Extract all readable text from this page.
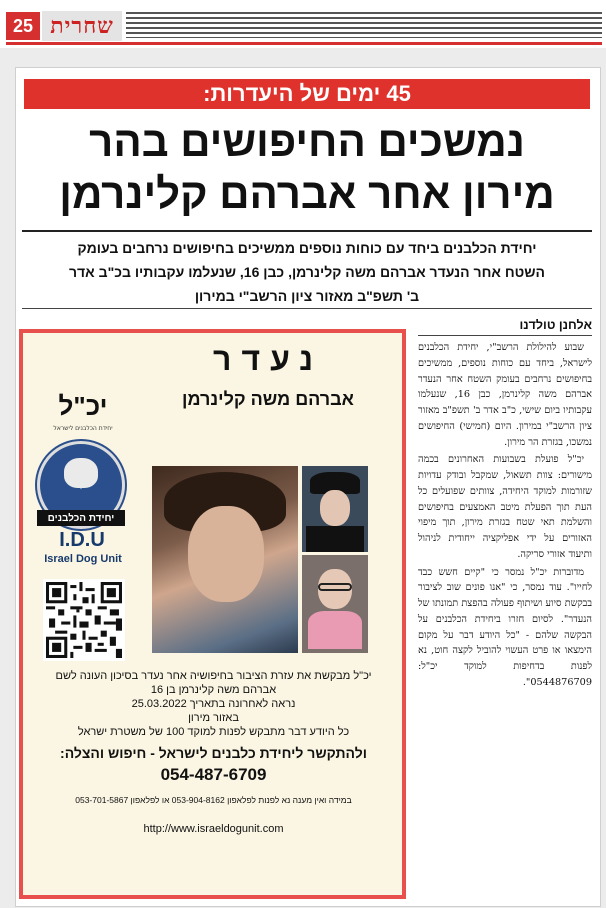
25 שחרית
45 ימים של היעדרות:
נמשכים החיפושים בהר
מירון אחר אברהם קלינרמן
יחידת הכלבנים ביחד עם כוחות נוספים ממשיכים בחיפושים נרחבים בעומק
השטח אחר הנעדר אברהם משה קלינרמן, כבן 16, שנעלמו עקבותיו בכ"ב אדר
ב' תשפ"ב מאזור ציון הרשב"י במירון
אלחנן טולדנו

שבוע להילולת הרשב"י, יחידת הכלבנים לישראל, ביחד עם כוחות נוספים, ממשיכים בחיפושים נרחבים בעומק השטח אחר הנעדר אברהם משה קלינרמן, כבן 16, שנעלמו עקבותיו ביום שישי, כ"ב אדר ב' תשפ"ב מאזור ציון הרשב"י במירון. היום (חמישי) החיפושים נמשכו, בגזרת הר מירון.

יכ"ל פועלת בשבועות האחרונים בכמה מישורים: צוות תשאול, שמקבל ובודק עדויות שזורמות למוקד היחידה, צוותים שפועלים כל העת תוך הפעלת מיטב האמצעים בחיפושים והשלמת תאי שטח בגזרת מירון, תוך מיפוי האזורים על ידי אפליקציה ייחודית לניהול ותיעוד אזורי סריקה.

מדוברות יכ"ל נמסר כי "קיים חשש כבד לחייו". עוד נמסר, כי "אנו פונים שוב לציבור בבקשת סיוע ושיתוף פעולה בהפצת תמונתו של הנעדר". לסיום חזרו ביחידת הכלבנים על הבקשה שלהם - "כל היודע דבר על מקום הימצאו או פרט העשוי להוביל לקצה חוט, נא לפנות בדחיפות למוקד יכ"ל: 0544876709".

נעדר
אברהם משה קלינרמן
יכ"ל
יחידת הכלבנים לישראל
יחידת הכלבנים
I.D.U
Israel Dog Unit
יכ"ל מבקשת את עזרת הציבור בחיפושיה אחר נעדר בסיכון העונה לשם
אברהם משה קלינרמן בן 16
נראה לאחרונה בתאריך 25.03.2022
באזור מירון
כל היודע דבר מתבקש לפנות למוקד 100 של משטרת ישראל
ולהתקשר ליחידת כלבנים לישראל - חיפוש והצלה:
054-487-6709
במידה ואין מענה נא לפנות לפלאפון 053-904-8162 או לפלאפון 053-701-5867
http://www.israeldogunit.com
